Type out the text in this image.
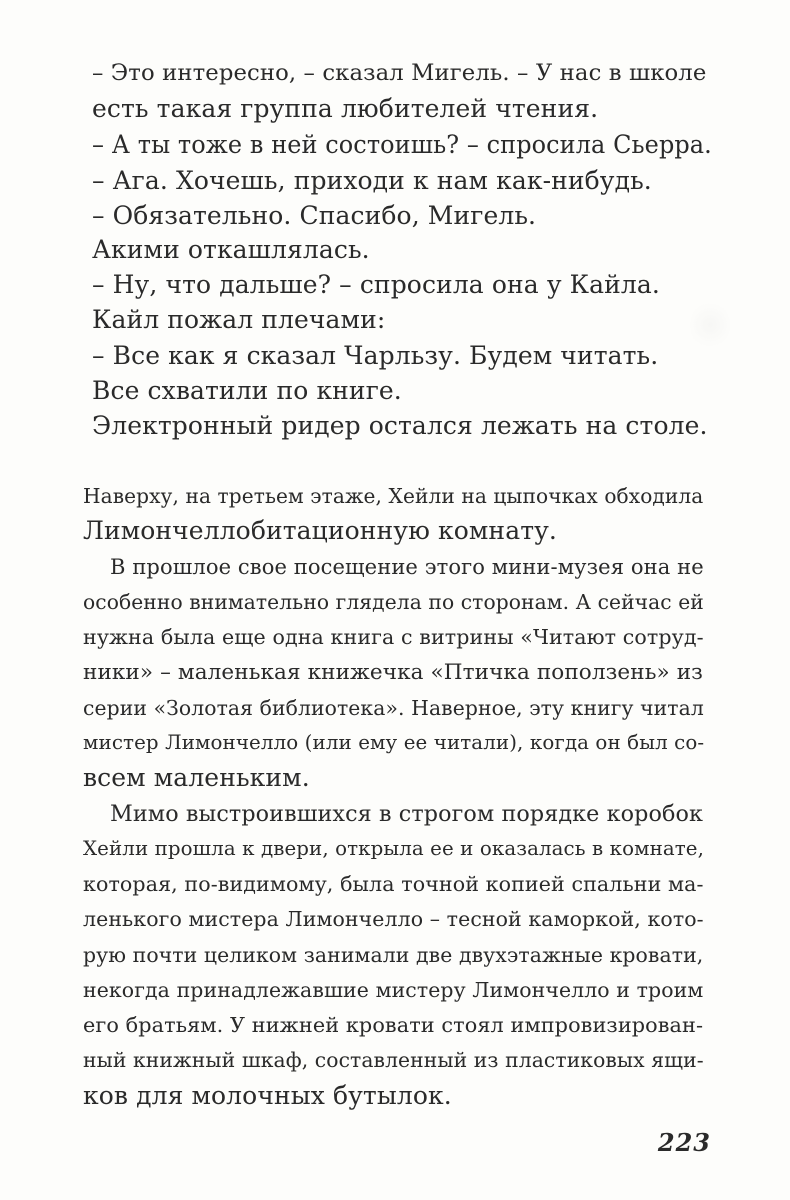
– Это интересно, – сказал Мигель. – У нас в школе
есть такая группа любителей чтения.
– А ты тоже в ней состоишь? – спросила Сьерра.
– Ага. Хочешь, приходи к нам как-нибудь.
– Обязательно. Спасибо, Мигель.
Акими откашлялась.
– Ну, что дальше? – спросила она у Кайла.
Кайл пожал плечами:
– Все как я сказал Чарльзу. Будем читать.
Все схватили по книге.
Электронный ридер остался лежать на столе.
Наверху, на третьем этаже, Хейли на цыпочках обходила
Лимончеллобитационную комнату.
В прошлое свое посещение этого мини-музея она не
особенно внимательно глядела по сторонам. А сейчас ей
нужна была еще одна книга с витрины «Читают сотруд-
ники» – маленькая книжечка «Птичка поползень» из
серии «Золотая библиотека». Наверное, эту книгу читал
мистер Лимончелло (или ему ее читали), когда он был со-
всем маленьким.
Мимо выстроившихся в строгом порядке коробок
Хейли прошла к двери, открыла ее и оказалась в комнате,
которая, по-видимому, была точной копией спальни ма-
ленького мистера Лимончелло – тесной каморкой, кото-
рую почти целиком занимали две двухэтажные кровати,
некогда принадлежавшие мистеру Лимончелло и троим
его братьям. У нижней кровати стоял импровизирован-
ный книжный шкаф, составленный из пластиковых ящи-
ков для молочных бутылок.
223
